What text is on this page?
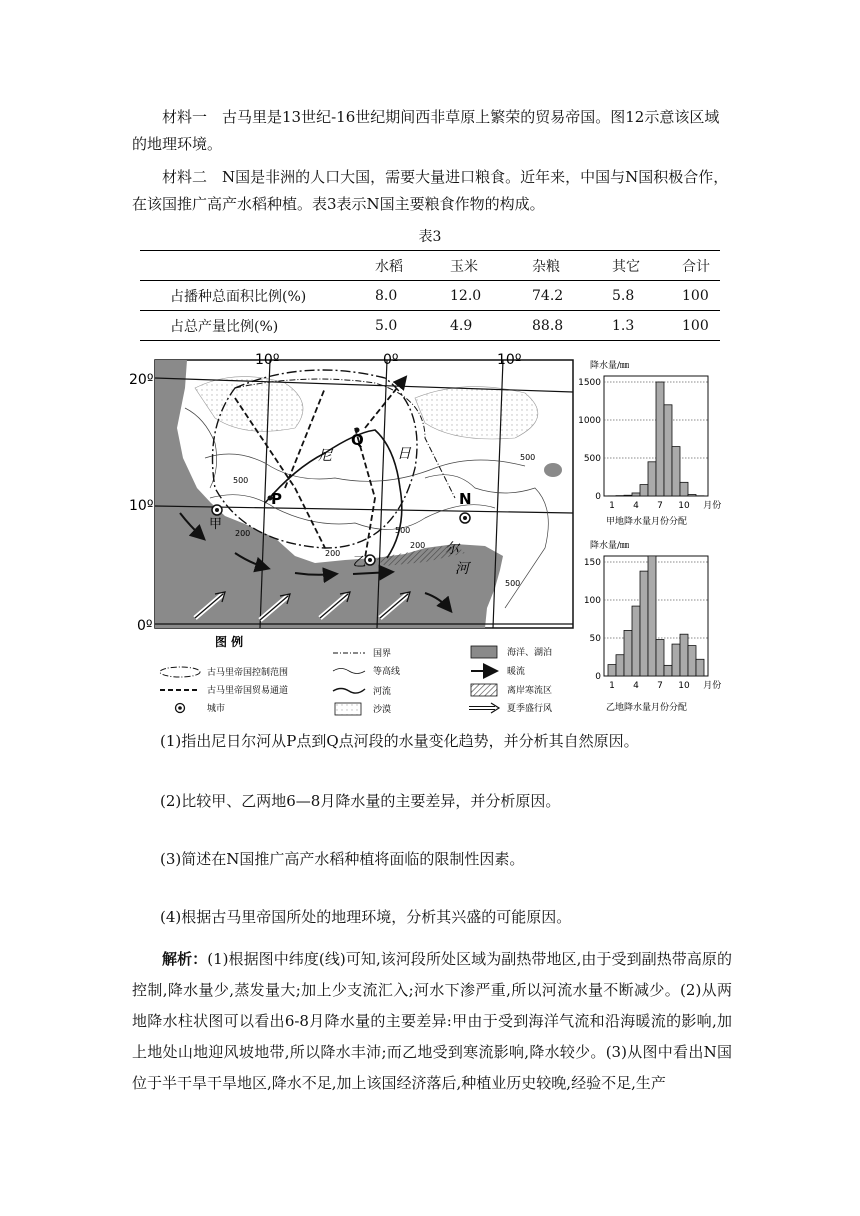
材料一　古马里是13世纪-16世纪期间西非草原上繁荣的贸易帝国。图12示意该区域的地理环境。

材料二　N国是非洲的人口大国，需要大量进口粮食。近年来，中国与N国积极合作，在该国推广高产水稻种植。表3表示N国主要粮食作物的构成。

表3
	水稻	玉米	杂粮	其它	合计
占播种总面积比例(%)	8.0	12.0	74.2	5.8	100
占总产量比例(%)	5.0	4.9	88.8	1.3	100
10º	0º	10º
20º
10º
0º
Q
P	N
甲
乙
尼	日
尔
河
500
200
200
500
200
500
500
图 例
古马里帝国控制范围
古马里帝国贸易通道
城市
国界
等高线
河流
沙漠
海洋、湖泊
暖流
离岸寒流区
夏季盛行风
降水量/㎜
0
500
1000
1500
1 4 7 10 月份
甲地降水量月份分配
降水量/㎜
0
50
100
150
1 4 7 10 月份
乙地降水量月份分配
(1)指出尼日尔河从P点到Q点河段的水量变化趋势，并分析其自然原因。
(2)比较甲、乙两地6—8月降水量的主要差异，并分析原因。
(3)简述在N国推广高产水稻种植将面临的限制性因素。
(4)根据古马里帝国所处的地理环境，分析其兴盛的可能原因。
解析：(1)根据图中纬度(线)可知,该河段所处区域为副热带地区,由于受到副热带高原的控制,降水量少,蒸发量大;加上少支流汇入;河水下渗严重,所以河流水量不断减少。(2)从两地降水柱状图可以看出6-8月降水量的主要差异:甲由于受到海洋气流和沿海暖流的影响,加上地处山地迎风坡地带,所以降水丰沛;而乙地受到寒流影响,降水较少。(3)从图中看出N国位于半干旱干旱地区,降水不足,加上该国经济落后,种植业历史较晚,经验不足,生产
